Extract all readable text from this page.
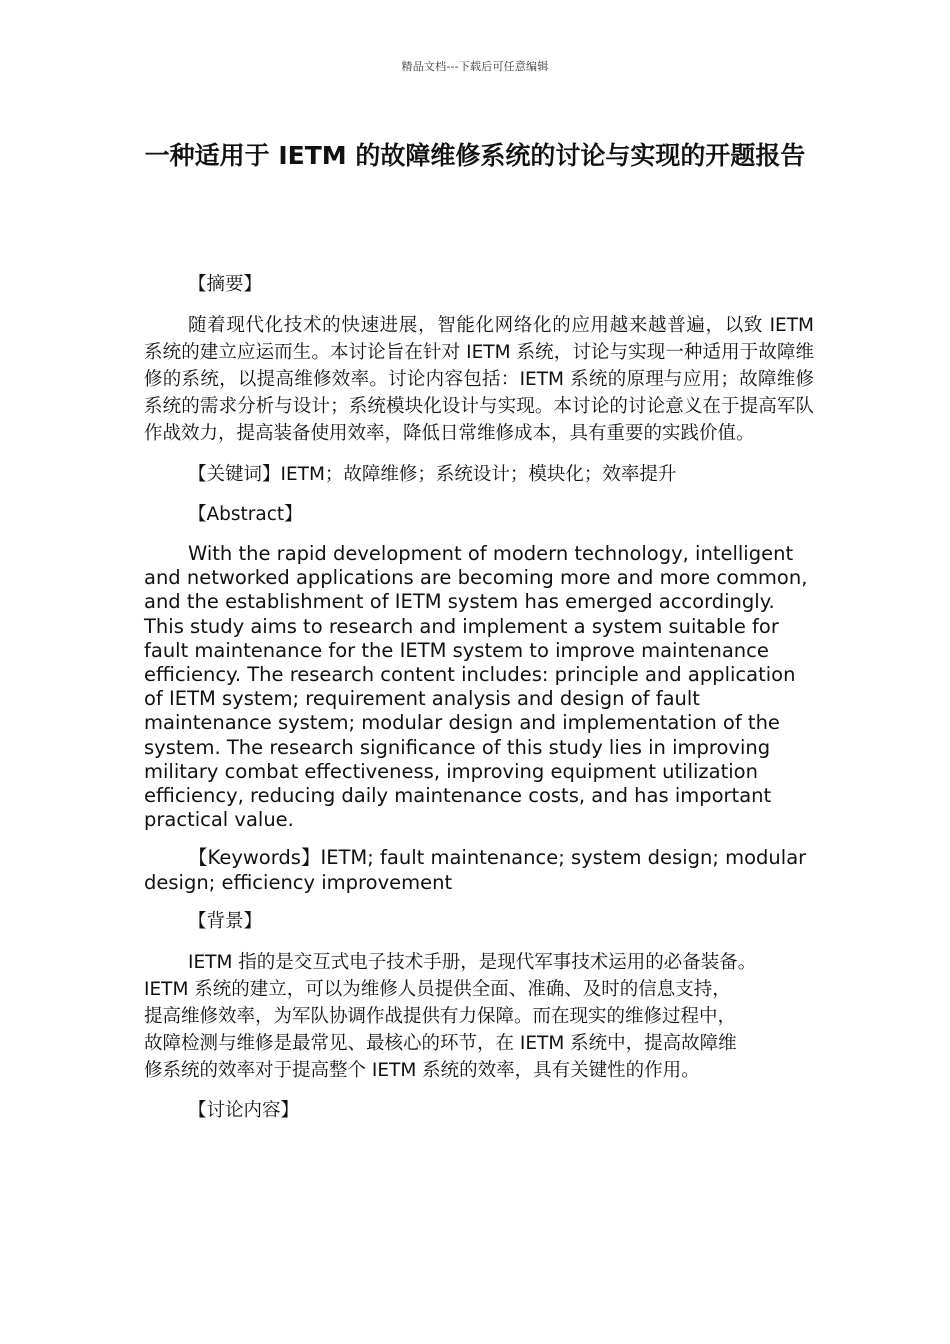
精品文档---下载后可任意编辑
一种适用于 IETM 的故障维修系统的讨论与实现的开题报告
【摘要】

随着现代化技术的快速进展，智能化网络化的应用越来越普遍，以致 IETM 系统的建立应运而生。本讨论旨在针对 IETM 系统，讨论与实现一种适用于故障维修的系统，以提高维修效率。讨论内容包括：IETM 系统的原理与应用；故障维修系统的需求分析与设计；系统模块化设计与实现。本讨论的讨论意义在于提高军队作战效力，提高装备使用效率，降低日常维修成本，具有重要的实践价值。

【关键词】IETM；故障维修；系统设计；模块化；效率提升

【Abstract】

With the rapid development of modern technology, intelligent and networked applications are becoming more and more common, and the establishment of IETM system has emerged accordingly. This study aims to research and implement a system suitable for fault maintenance for the IETM system to improve maintenance efficiency. The research content includes: principle and application of IETM system; requirement analysis and design of fault maintenance system; modular design and implementation of the system. The research significance of this study lies in improving military combat effectiveness, improving equipment utilization efficiency, reducing daily maintenance costs, and has important practical value.

【Keywords】IETM; fault maintenance; system design; modular design; efficiency improvement

【背景】

IETM 指的是交互式电子技术手册，是现代军事技术运用的必备装备。
IETM 系统的建立，可以为维修人员提供全面、准确、及时的信息支持，
提高维修效率，为军队协调作战提供有力保障。而在现实的维修过程中，
故障检测与维修是最常见、最核心的环节，在 IETM 系统中，提高故障维
修系统的效率对于提高整个 IETM 系统的效率，具有关键性的作用。

【讨论内容】
